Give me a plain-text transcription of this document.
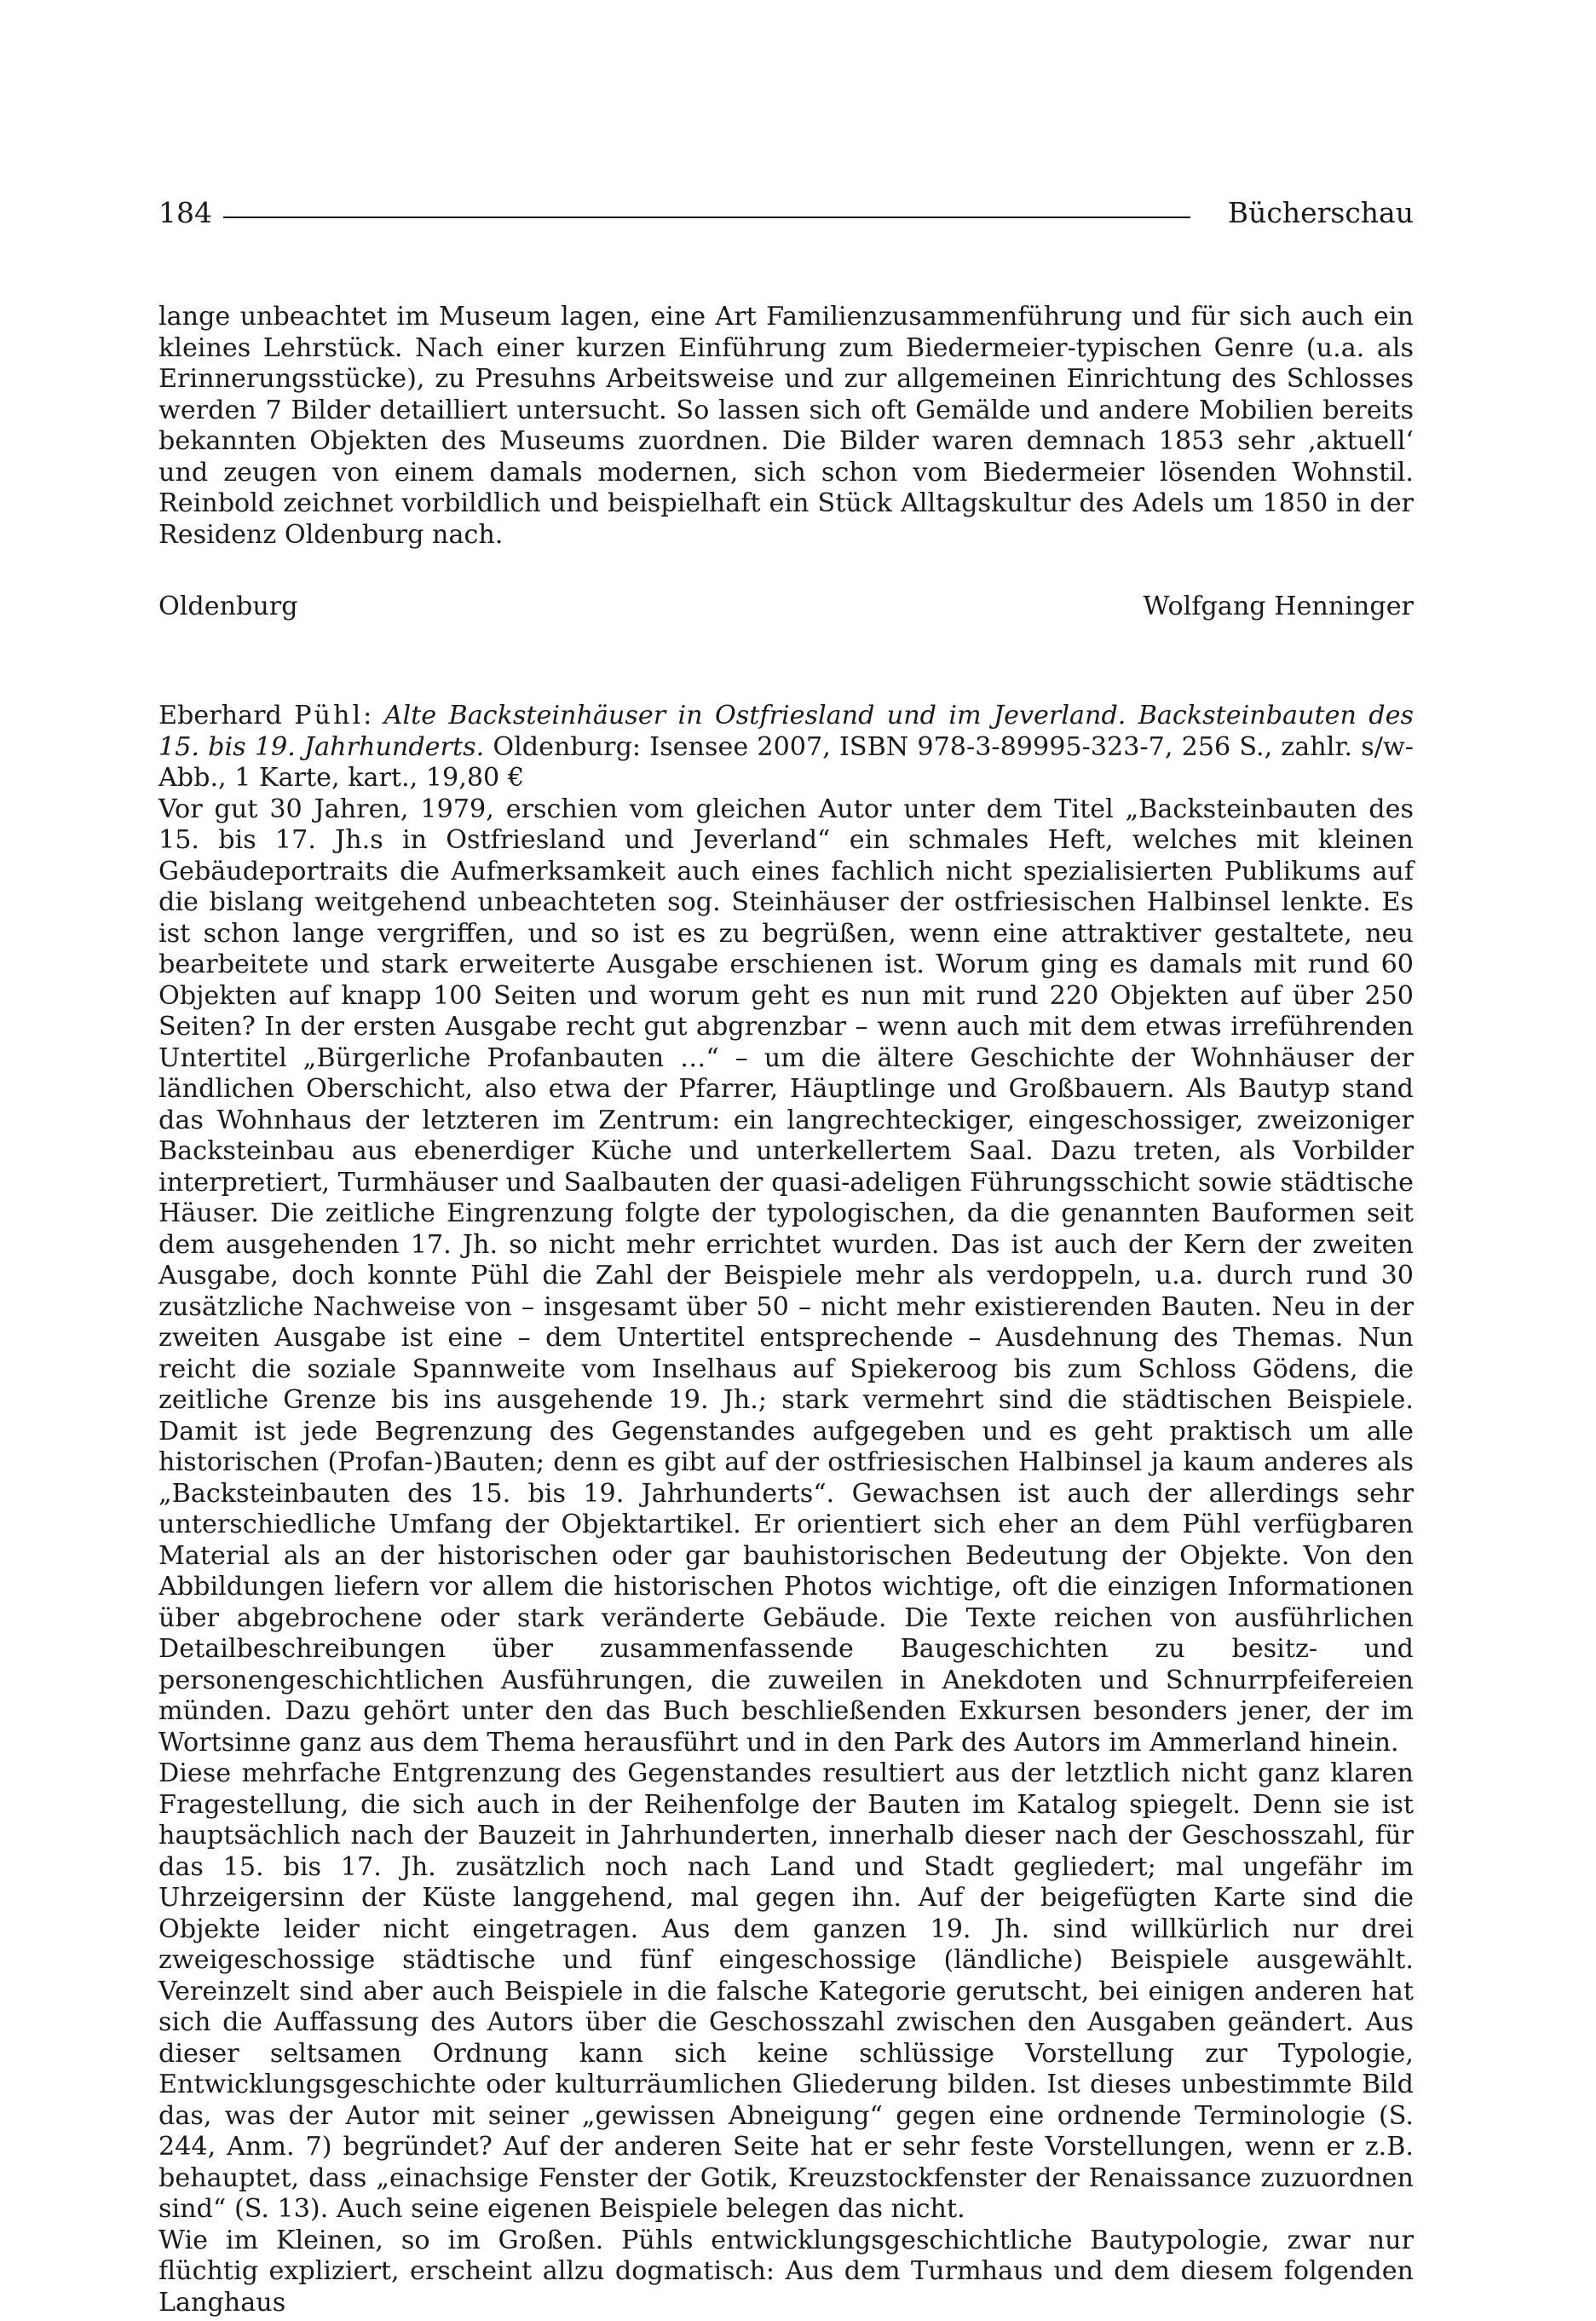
184	Bücherschau

lange unbeachtet im Museum lagen, eine Art Familienzusammenführung und für sich auch ein kleines Lehrstück. Nach einer kurzen Einführung zum Biedermeier-typischen Genre (u.a. als Erinnerungsstücke), zu Presuhns Arbeitsweise und zur allgemeinen Einrichtung des Schlosses werden 7 Bilder detailliert untersucht. So lassen sich oft Gemälde und andere Mobilien bereits bekannten Objekten des Museums zuordnen. Die Bilder waren demnach 1853 sehr ‚aktuell‘ und zeugen von einem damals modernen, sich schon vom Biedermeier lösenden Wohnstil. Reinbold zeichnet vorbildlich und beispielhaft ein Stück Alltagskultur des Adels um 1850 in der Residenz Oldenburg nach.

Oldenburg	Wolfgang Henninger

Eberhard Pühl: Alte Backsteinhäuser in Ostfriesland und im Jeverland. Backsteinbauten des 15. bis 19. Jahrhunderts. Oldenburg: Isensee 2007, ISBN 978-3-89995-323-7, 256 S., zahlr. s/w-Abb., 1 Karte, kart., 19,80 €

Vor gut 30 Jahren, 1979, erschien vom gleichen Autor unter dem Titel „Backsteinbauten des 15. bis 17. Jh.s in Ostfriesland und Jeverland“ ein schmales Heft, welches mit kleinen Gebäudeportraits die Aufmerksamkeit auch eines fachlich nicht spezialisierten Publikums auf die bislang weitgehend unbeachteten sog. Steinhäuser der ostfriesischen Halbinsel lenkte. Es ist schon lange vergriffen, und so ist es zu begrüßen, wenn eine attraktiver gestaltete, neu bearbeitete und stark erweiterte Ausgabe erschienen ist. Worum ging es damals mit rund 60 Objekten auf knapp 100 Seiten und worum geht es nun mit rund 220 Objekten auf über 250 Seiten? In der ersten Ausgabe recht gut abgrenzbar – wenn auch mit dem etwas irreführenden Untertitel „Bürgerliche Profanbauten …“ – um die ältere Geschichte der Wohnhäuser der ländlichen Oberschicht, also etwa der Pfarrer, Häuptlinge und Großbauern. Als Bautyp stand das Wohnhaus der letzteren im Zentrum: ein langrechteckiger, eingeschossiger, zweizoniger Backsteinbau aus ebenerdiger Küche und unterkellertem Saal. Dazu treten, als Vorbilder interpretiert, Turmhäuser und Saalbauten der quasi-adeligen Führungsschicht sowie städtische Häuser. Die zeitliche Eingrenzung folgte der typologischen, da die genannten Bauformen seit dem ausgehenden 17. Jh. so nicht mehr errichtet wurden. Das ist auch der Kern der zweiten Ausgabe, doch konnte Pühl die Zahl der Beispiele mehr als verdoppeln, u.a. durch rund 30 zusätzliche Nachweise von – insgesamt über 50 – nicht mehr existierenden Bauten. Neu in der zweiten Ausgabe ist eine – dem Untertitel entsprechende – Ausdehnung des Themas. Nun reicht die soziale Spannweite vom Inselhaus auf Spiekeroog bis zum Schloss Gödens, die zeitliche Grenze bis ins ausgehende 19. Jh.; stark vermehrt sind die städtischen Beispiele. Damit ist jede Begrenzung des Gegenstandes aufgegeben und es geht praktisch um alle historischen (Profan-)Bauten; denn es gibt auf der ostfriesischen Halbinsel ja kaum anderes als „Backsteinbauten des 15. bis 19. Jahrhunderts“. Gewachsen ist auch der allerdings sehr unterschiedliche Umfang der Objektartikel. Er orientiert sich eher an dem Pühl verfügbaren Material als an der historischen oder gar bauhistorischen Bedeutung der Objekte. Von den Abbildungen liefern vor allem die historischen Photos wichtige, oft die einzigen Informationen über abgebrochene oder stark veränderte Gebäude. Die Texte reichen von ausführlichen Detailbeschreibungen über zusammenfassende Baugeschichten zu besitz- und personengeschichtlichen Ausführungen, die zuweilen in Anekdoten und Schnurrpfeifereien münden. Dazu gehört unter den das Buch beschließenden Exkursen besonders jener, der im Wortsinne ganz aus dem Thema herausführt und in den Park des Autors im Ammerland hinein.

Diese mehrfache Entgrenzung des Gegenstandes resultiert aus der letztlich nicht ganz klaren Fragestellung, die sich auch in der Reihenfolge der Bauten im Katalog spiegelt. Denn sie ist hauptsächlich nach der Bauzeit in Jahrhunderten, innerhalb dieser nach der Geschosszahl, für das 15. bis 17. Jh. zusätzlich noch nach Land und Stadt gegliedert; mal ungefähr im Uhrzeigersinn der Küste langgehend, mal gegen ihn. Auf der beigefügten Karte sind die Objekte leider nicht eingetragen. Aus dem ganzen 19. Jh. sind willkürlich nur drei zweigeschossige städtische und fünf eingeschossige (ländliche) Beispiele ausgewählt. Vereinzelt sind aber auch Beispiele in die falsche Kategorie gerutscht, bei einigen anderen hat sich die Auffassung des Autors über die Geschosszahl zwischen den Ausgaben geändert. Aus dieser seltsamen Ordnung kann sich keine schlüssige Vorstellung zur Typologie, Entwicklungsgeschichte oder kulturräumlichen Gliederung bilden. Ist dieses unbestimmte Bild das, was der Autor mit seiner „gewissen Abneigung“ gegen eine ordnende Terminologie (S. 244, Anm. 7) begründet? Auf der anderen Seite hat er sehr feste Vorstellungen, wenn er z.B. behauptet, dass „einachsige Fenster der Gotik, Kreuzstockfenster der Renaissance zuzuordnen sind“ (S. 13). Auch seine eigenen Beispiele belegen das nicht.

Wie im Kleinen, so im Großen. Pühls entwicklungsgeschichtliche Bautypologie, zwar nur flüchtig expliziert, erscheint allzu dogmatisch: Aus dem Turmhaus und dem diesem folgenden Langhaus
